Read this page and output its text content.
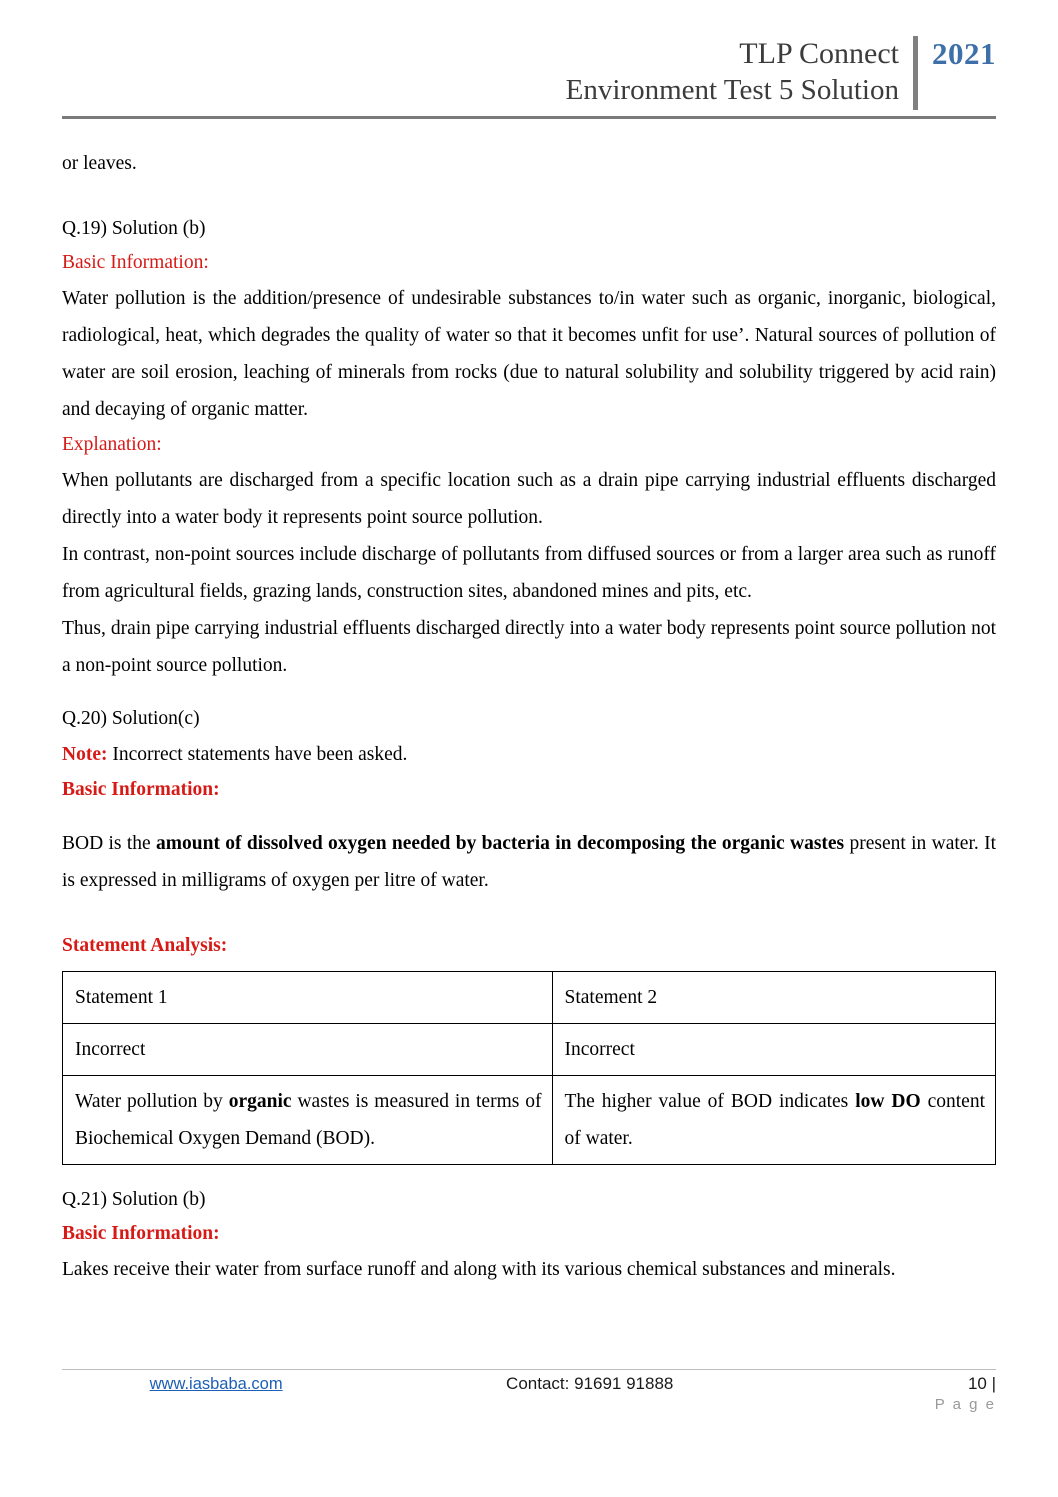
TLP Connect
Environment Test 5 Solution
2021

or leaves.

Q.19) Solution (b)

Basic Information:

Water pollution is the addition/presence of undesirable substances to/in water such as organic, inorganic, biological, radiological, heat, which degrades the quality of water so that it becomes unfit for use’. Natural sources of pollution of water are soil erosion, leaching of minerals from rocks (due to natural solubility and solubility triggered by acid rain) and decaying of organic matter.

Explanation:

When pollutants are discharged from a specific location such as a drain pipe carrying industrial effluents discharged directly into a water body it represents point source pollution.

In contrast, non-point sources include discharge of pollutants from diffused sources or from a larger area such as runoff from agricultural fields, grazing lands, construction sites, abandoned mines and pits, etc.

Thus, drain pipe carrying industrial effluents discharged directly into a water body represents point source pollution not a non-point source pollution.

Q.20) Solution(c)

Note: Incorrect statements have been asked.

Basic Information:

BOD is the amount of dissolved oxygen needed by bacteria in decomposing the organic wastes present in water. It is expressed in milligrams of oxygen per litre of water.

Statement Analysis:

Statement 1	Statement 2
Incorrect	Incorrect
Water pollution by organic wastes is measured in terms of Biochemical Oxygen Demand (BOD).	The higher value of BOD indicates low DO content of water.

Q.21) Solution (b)

Basic Information:

Lakes receive their water from surface runoff and along with its various chemical substances and minerals.

www.iasbaba.com	Contact: 91691 91888	10 |
P a g e
